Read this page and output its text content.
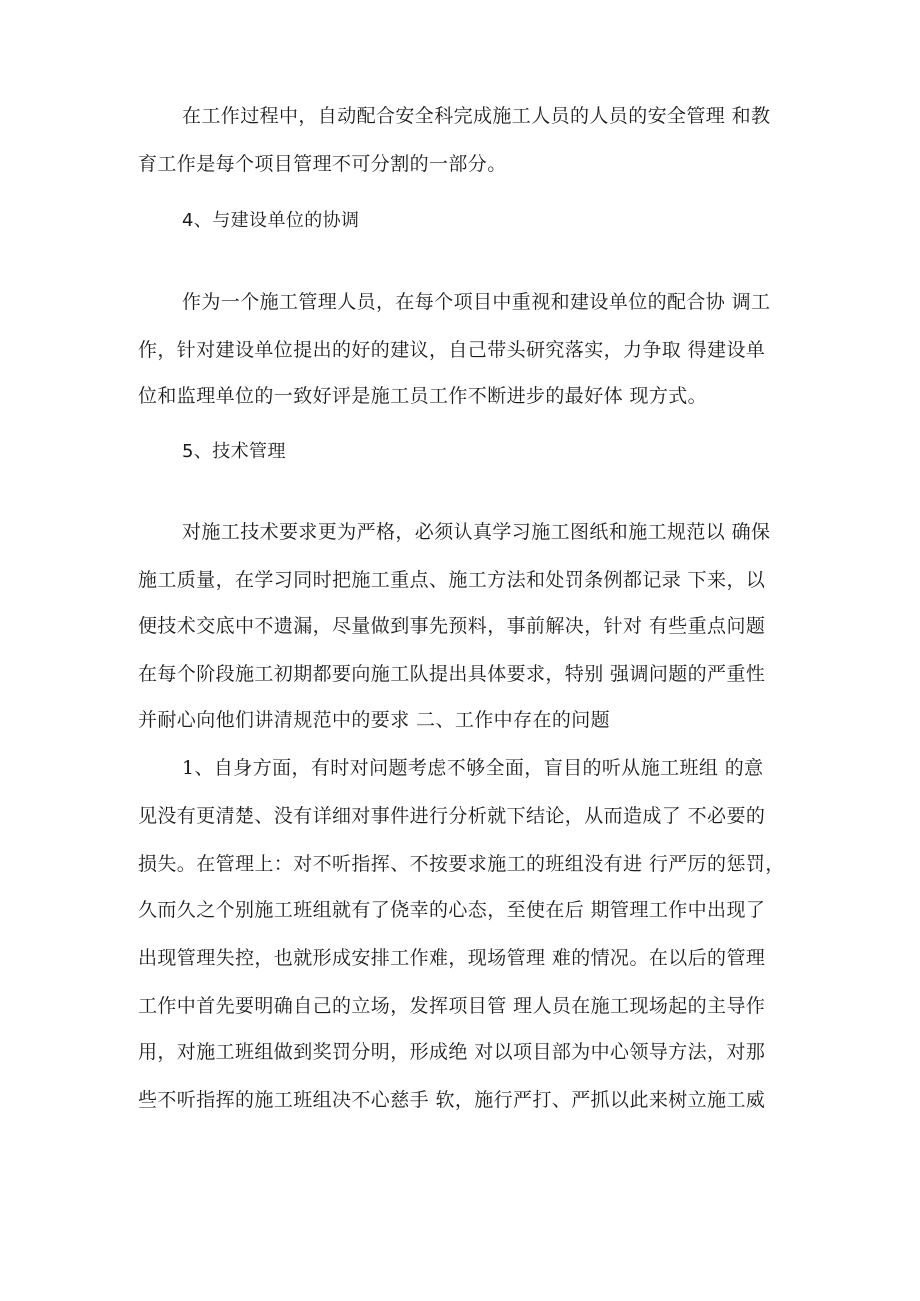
在工作过程中，自动配合安全科完成施工人员的人员的安全管理 和教
育工作是每个项目管理不可分割的一部分。
4、与建设单位的协调
作为一个施工管理人员，在每个项目中重视和建设单位的配合协 调工
作，针对建设单位提出的好的建议，自己带头研究落实，力争取 得建设单
位和监理单位的一致好评是施工员工作不断进步的最好体 现方式。
5、技术管理
对施工技术要求更为严格，必须认真学习施工图纸和施工规范以 确保
施工质量，在学习同时把施工重点、施工方法和处罚条例都记录 下来，以
便技术交底中不遗漏，尽量做到事先预料，事前解决，针对 有些重点问题
在每个阶段施工初期都要向施工队提出具体要求，特别 强调问题的严重性
并耐心向他们讲清规范中的要求 二、工作中存在的问题
1、自身方面，有时对问题考虑不够全面，盲目的听从施工班组 的意
见没有更清楚、没有详细对事件进行分析就下结论，从而造成了 不必要的
损失。在管理上：对不听指挥、不按要求施工的班组没有进 行严厉的惩罚，
久而久之个别施工班组就有了侥幸的心态，至使在后 期管理工作中出现了
出现管理失控，也就形成安排工作难，现场管理 难的情况。在以后的管理
工作中首先要明确自己的立场，发挥项目管 理人员在施工现场起的主导作
用，对施工班组做到奖罚分明，形成绝 对以项目部为中心领导方法，对那
些不听指挥的施工班组决不心慈手 软，施行严打、严抓以此来树立施工威
